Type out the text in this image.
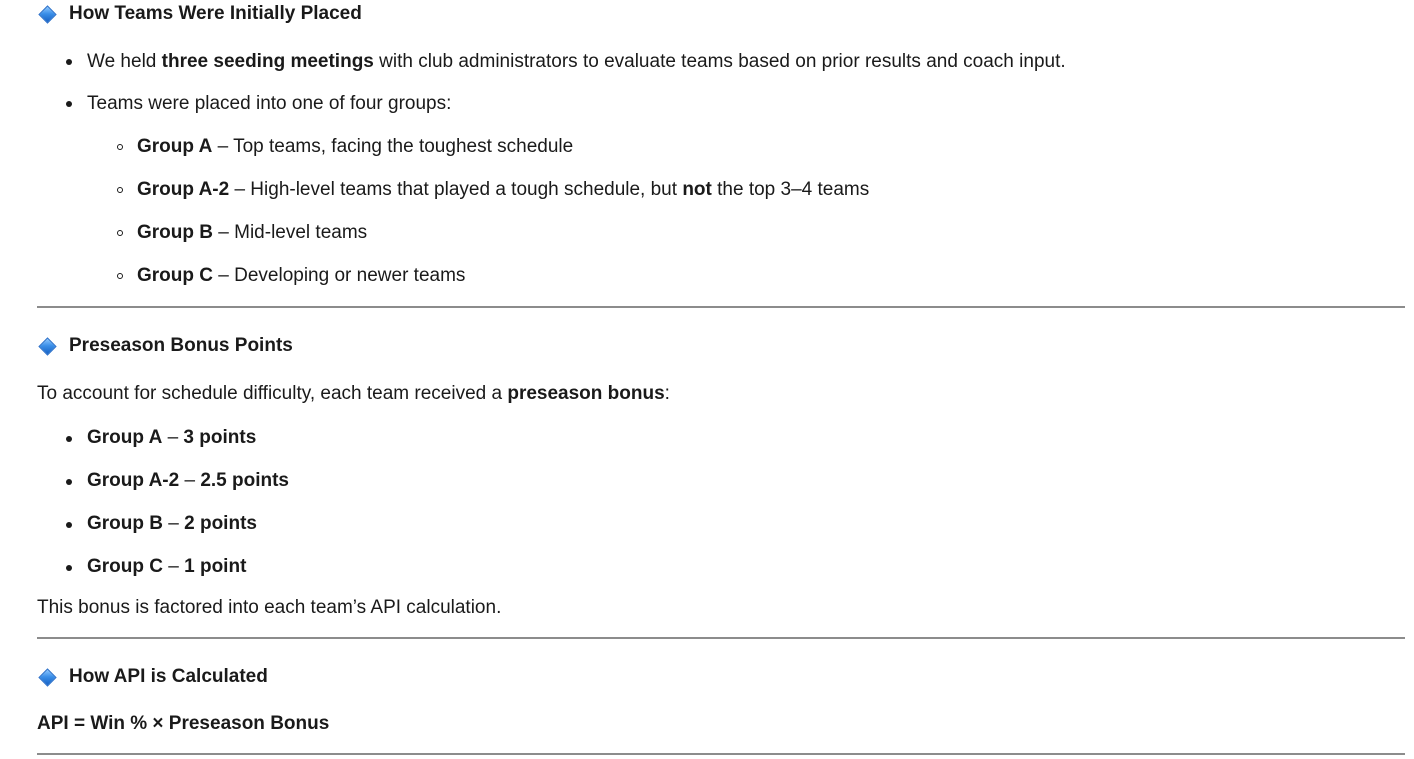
How Teams Were Initially Placed
We held three seeding meetings with club administrators to evaluate teams based on prior results and coach input.
Teams were placed into one of four groups:
Group A – Top teams, facing the toughest schedule
Group A-2 – High-level teams that played a tough schedule, but not the top 3–4 teams
Group B – Mid-level teams
Group C – Developing or newer teams
Preseason Bonus Points
To account for schedule difficulty, each team received a preseason bonus:
Group A – 3 points
Group A-2 – 2.5 points
Group B – 2 points
Group C – 1 point
This bonus is factored into each team’s API calculation.
How API is Calculated
API = Win % × Preseason Bonus
